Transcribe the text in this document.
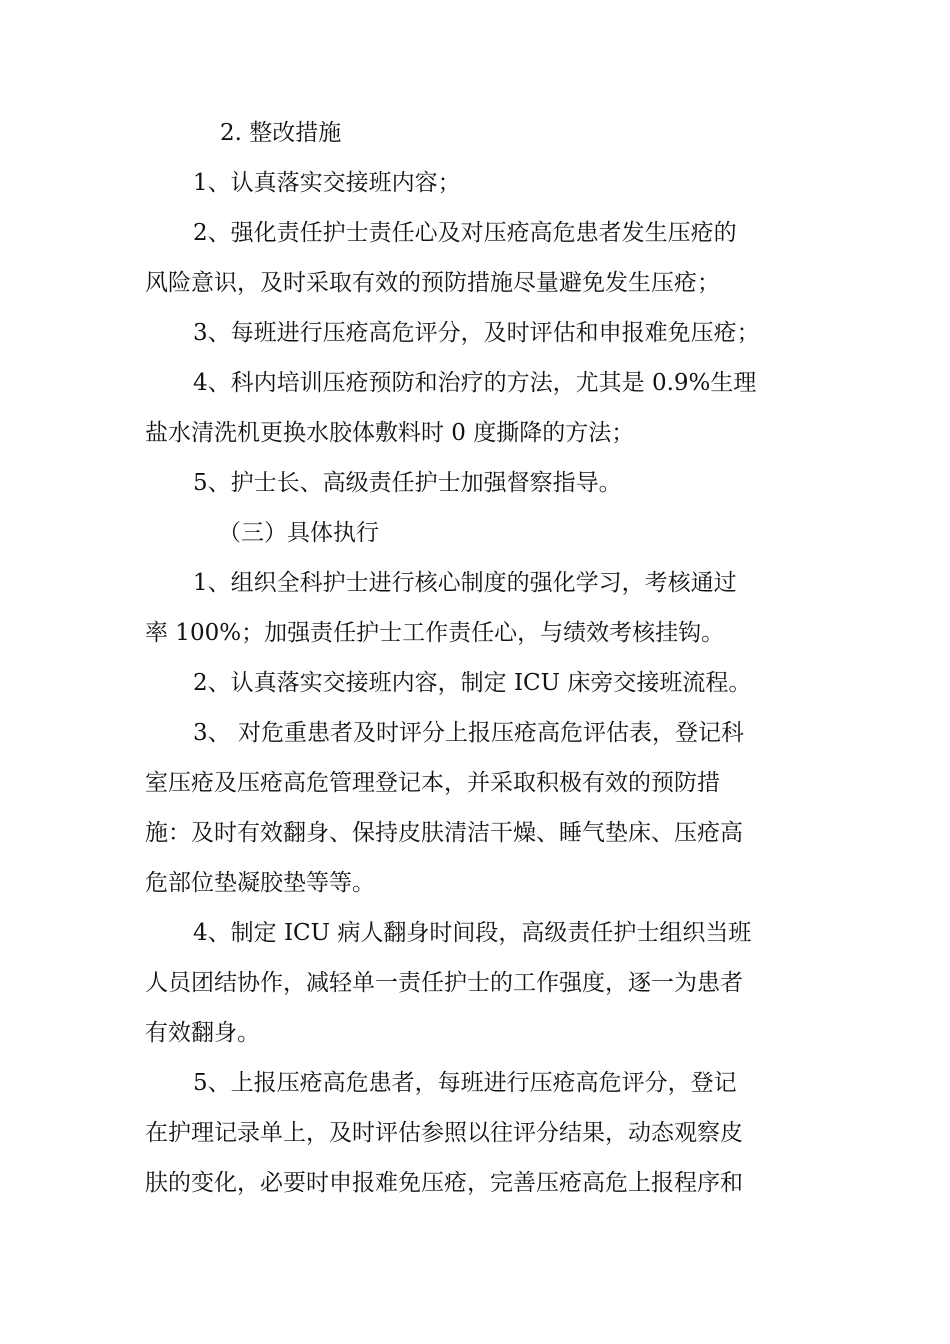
2. 整改措施
1、认真落实交接班内容；
2、强化责任护士责任心及对压疮高危患者发生压疮的
风险意识，及时采取有效的预防措施尽量避免发生压疮；
3、每班进行压疮高危评分，及时评估和申报难免压疮；
4、科内培训压疮预防和治疗的方法，尤其是 0.9%生理
盐水清洗机更换水胶体敷料时 0 度撕降的方法；
5、护士长、高级责任护士加强督察指导。
（三）具体执行
1、组织全科护士进行核心制度的强化学习，考核通过
率 100%；加强责任护士工作责任心，与绩效考核挂钩。
2、认真落实交接班内容，制定 ICU 床旁交接班流程。
3、 对危重患者及时评分上报压疮高危评估表，登记科
室压疮及压疮高危管理登记本，并采取积极有效的预防措
施：及时有效翻身、保持皮肤清洁干燥、睡气垫床、压疮高
危部位垫凝胶垫等等。
4、制定 ICU 病人翻身时间段，高级责任护士组织当班
人员团结协作，减轻单一责任护士的工作强度，逐一为患者
有效翻身。
5、上报压疮高危患者，每班进行压疮高危评分，登记
在护理记录单上，及时评估参照以往评分结果，动态观察皮
肤的变化，必要时申报难免压疮，完善压疮高危上报程序和
